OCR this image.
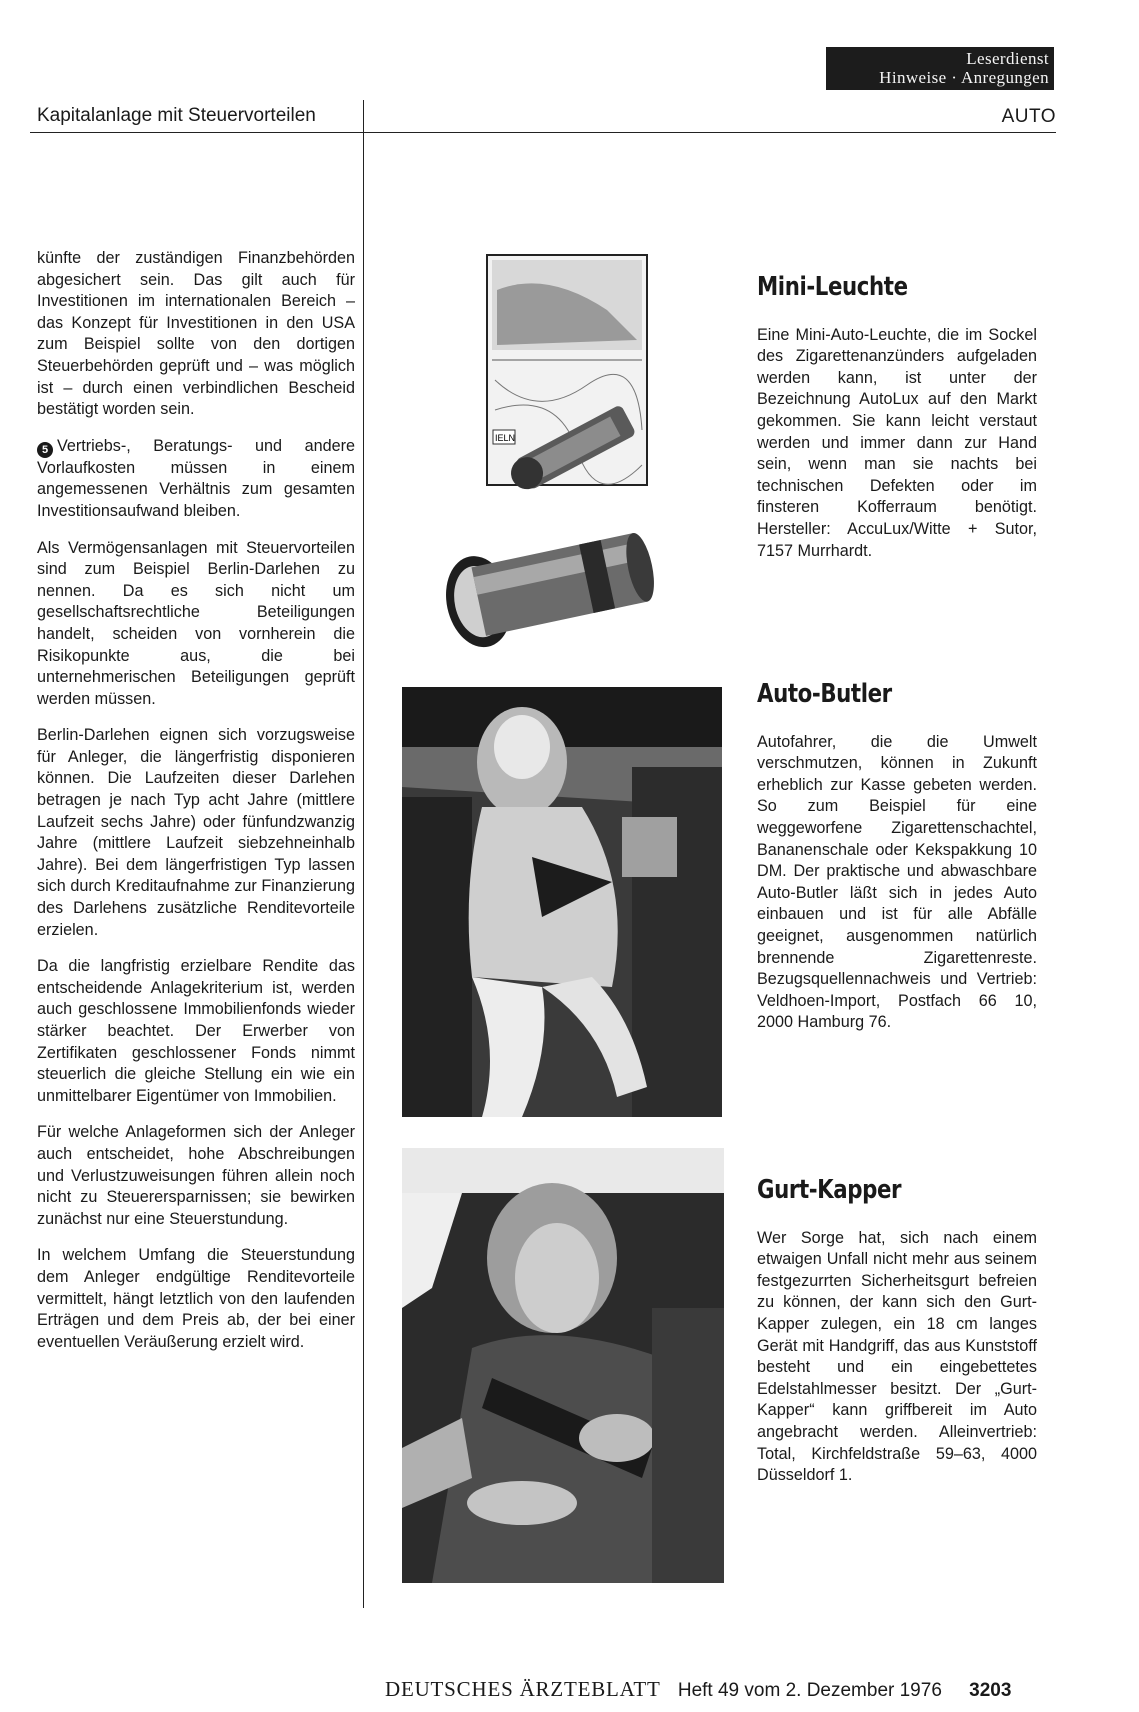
Leserdienst
Hinweise · Anregungen
Kapitalanlage mit Steuervorteilen	AUTO

künfte der zuständigen Finanzbehörden abgesichert sein. Das gilt auch für Investitionen im internationalen Bereich – das Konzept für Investitionen in den USA zum Beispiel sollte von den dortigen Steuerbehörden geprüft und – was möglich ist – durch einen verbindlichen Bescheid bestätigt worden sein.

5 Vertriebs-, Beratungs- und andere Vorlaufkosten müssen in einem angemessenen Verhältnis zum gesamten Investitionsaufwand bleiben.

Als Vermögensanlagen mit Steuervorteilen sind zum Beispiel Berlin-Darlehen zu nennen. Da es sich nicht um gesellschaftsrechtliche Beteiligungen handelt, scheiden von vornherein die Risikopunkte aus, die bei unternehmerischen Beteiligungen geprüft werden müssen.

Berlin-Darlehen eignen sich vorzugsweise für Anleger, die längerfristig disponieren können. Die Laufzeiten dieser Darlehen betragen je nach Typ acht Jahre (mittlere Laufzeit sechs Jahre) oder fünfundzwanzig Jahre (mittlere Laufzeit siebzehneinhalb Jahre). Bei dem längerfristigen Typ lassen sich durch Kreditaufnahme zur Finanzierung des Darlehens zusätzliche Renditevorteile erzielen.

Da die langfristig erzielbare Rendite das entscheidende Anlagekriterium ist, werden auch geschlossene Immobilienfonds wieder stärker beachtet. Der Erwerber von Zertifikaten geschlossener Fonds nimmt steuerlich die gleiche Stellung ein wie ein unmittelbarer Eigentümer von Immobilien.

Für welche Anlageformen sich der Anleger auch entscheidet, hohe Abschreibungen und Verlustzuweisungen führen allein noch nicht zu Steuerersparnissen; sie bewirken zunächst nur eine Steuerstundung.

In welchem Umfang die Steuerstundung dem Anleger endgültige Renditevorteile vermittelt, hängt letztlich von den laufenden Erträgen und dem Preis ab, der bei einer eventuellen Veräußerung erzielt wird.

IELN
Mini-Leuchte

Eine Mini-Auto-Leuchte, die im Sockel des Zigarettenanzünders aufgeladen werden kann, ist unter der Bezeichnung AutoLux auf den Markt gekommen. Sie kann leicht verstaut werden und immer dann zur Hand sein, wenn man sie nachts bei technischen Defekten oder im finsteren Kofferraum benötigt. Hersteller: AccuLux/Witte + Sutor, 7157 Murrhardt.

Auto-Butler

Autofahrer, die die Umwelt verschmutzen, können in Zukunft erheblich zur Kasse gebeten werden. So zum Beispiel für eine weggeworfene Zigarettenschachtel, Bananenschale oder Kekspakkung 10 DM. Der praktische und abwaschbare Auto-Butler läßt sich in jedes Auto einbauen und ist für alle Abfälle geeignet, ausgenommen natürlich brennende Zigarettenreste. Bezugsquellennachweis und Vertrieb: Veldhoen-Import, Postfach 66 10, 2000 Hamburg 76.

Gurt-Kapper

Wer Sorge hat, sich nach einem etwaigen Unfall nicht mehr aus seinem festgezurrten Sicherheitsgurt befreien zu können, der kann sich den Gurt-Kapper zulegen, ein 18 cm langes Gerät mit Handgriff, das aus Kunststoff besteht und ein eingebettetes Edelstahlmesser besitzt. Der „Gurt-Kapper“ kann griffbereit im Auto angebracht werden. Alleinvertrieb: Total, Kirchfeldstraße 59–63, 4000 Düsseldorf 1.

DEUTSCHES ÄRZTEBLATT Heft 49 vom 2. Dezember 1976 3203
